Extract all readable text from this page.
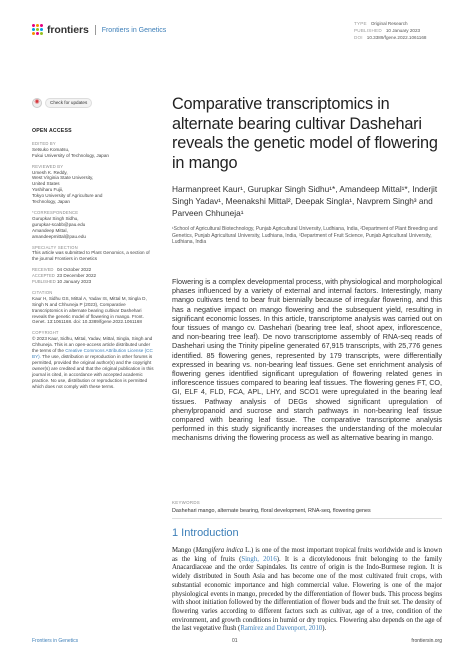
frontiers Frontiers in Genetics
TYPE Original Research
PUBLISHED 10 January 2023
DOI 10.3389/fgene.2022.1061168
◉	Check for updates
OPEN ACCESS
EDITED BY
Setsuko Komatsu,
Fukui University of Technology, Japan
REVIEWED BY
Umesh K. Reddy,
West Virginia State University,
United States
Yoshiharu Fujii,
Tokyo University of Agriculture and
Technology, Japan
*CORRESPONDENCE
Gurupkar Singh Sidhu,
gurupkar-scabb@pau.edu
Amandeep Mittal,
amandeepmittal@pau.edu
SPECIALTY SECTION
This article was submitted to Plant Genomics, a section of the journal Frontiers in Genetics
RECEIVED 04 October 2022
ACCEPTED 23 December 2022
PUBLISHED 10 January 2023
CITATION
Kaur H, Sidhu GS, Mittal A, Yadav IS, Mittal M, Singla D, Singh N and Chhuneja P (2023), Comparative transcriptomics in alternate bearing cultivar Dashehari reveals the genetic model of flowering in mango. Front. Genet. 13:1061168. doi: 10.3389/fgene.2022.1061168
COPYRIGHT
© 2023 Kaur, Sidhu, Mittal, Yadav, Mittal, Singla, Singh and Chhuneja. This is an open-access article distributed under the terms of the Creative Commons Attribution License (CC BY). The use, distribution or reproduction in other forums is permitted, provided the original author(s) and the copyright owner(s) are credited and that the original publication in this journal is cited, in accordance with accepted academic practice. No use, distribution or reproduction is permitted which does not comply with these terms.
Comparative transcriptomics in alternate bearing cultivar Dashehari reveals the genetic model of flowering in mango
Harmanpreet Kaur¹, Gurupkar Singh Sidhu¹*, Amandeep Mittal¹*, Inderjit Singh Yadav¹, Meenakshi Mittal², Deepak Singla¹, Navprem Singh³ and Parveen Chhuneja¹
¹School of Agricultural Biotechnology, Punjab Agricultural University, Ludhiana, India, ²Department of Plant Breeding and Genetics, Punjab Agricultural University, Ludhiana, India, ³Department of Fruit Science, Punjab Agricultural University, Ludhiana, India

Flowering is a complex developmental process, with physiological and morphological phases influenced by a variety of external and internal factors. Interestingly, many mango cultivars tend to bear fruit biennially because of irregular flowering, and this has a negative impact on mango flowering and the subsequent yield, resulting in significant economic losses. In this article, transcriptome analysis was carried out on four tissues of mango cv. Dashehari (bearing tree leaf, shoot apex, inflorescence, and non-bearing tree leaf). De novo transcriptome assembly of RNA-seq reads of Dashehari using the Trinity pipeline generated 67,915 transcripts, with 25,776 genes identified. 85 flowering genes, represented by 179 transcripts, were differentially expressed in bearing vs. non-bearing leaf tissues. Gene set enrichment analysis of flowering genes identified significant upregulation of flowering related genes in inflorescence tissues compared to bearing leaf tissues. The flowering genes FT, CO, GI, ELF 4, FLD, FCA, APL, LHY, and SCO1 were upregulated in the bearing leaf tissues. Pathway analysis of DEGs showed significant upregulation of phenylpropanoid and sucrose and starch pathways in non-bearing leaf tissue compared with bearing leaf tissue. The comparative transcriptome analysis performed in this study significantly increases the understanding of the molecular mechanisms driving the flowering process as well as alternative bearing in mango.

KEYWORDS
Dashehari mango, alternate bearing, floral development, RNA-seq, flowering genes
1 Introduction
Mango (Mangifera indica L.) is one of the most important tropical fruits worldwide and is known as the king of fruits (Singh, 2016). It is a dicotyledonous fruit belonging to the family Anacardiaceae and the order Sapindales. Its centre of origin is the Indo-Burmese region. It is widely distributed in South Asia and has become one of the most cultivated fruit crops, with substantial economic importance and high commercial value. Flowering is one of the major physiological events in mango, preceded by the differentiation of flower buds. This process begins with shoot initiation followed by the differentiation of flower buds and the fruit set. The density of flowering varies according to different factors such as cultivar, age of a tree, condition of the environment, and growth conditions in humid or dry tropics. Flowering also depends on the age of the last vegetative flush (Ramírez and Davenport, 2010).
Frontiers in Genetics	01	frontiersin.org
